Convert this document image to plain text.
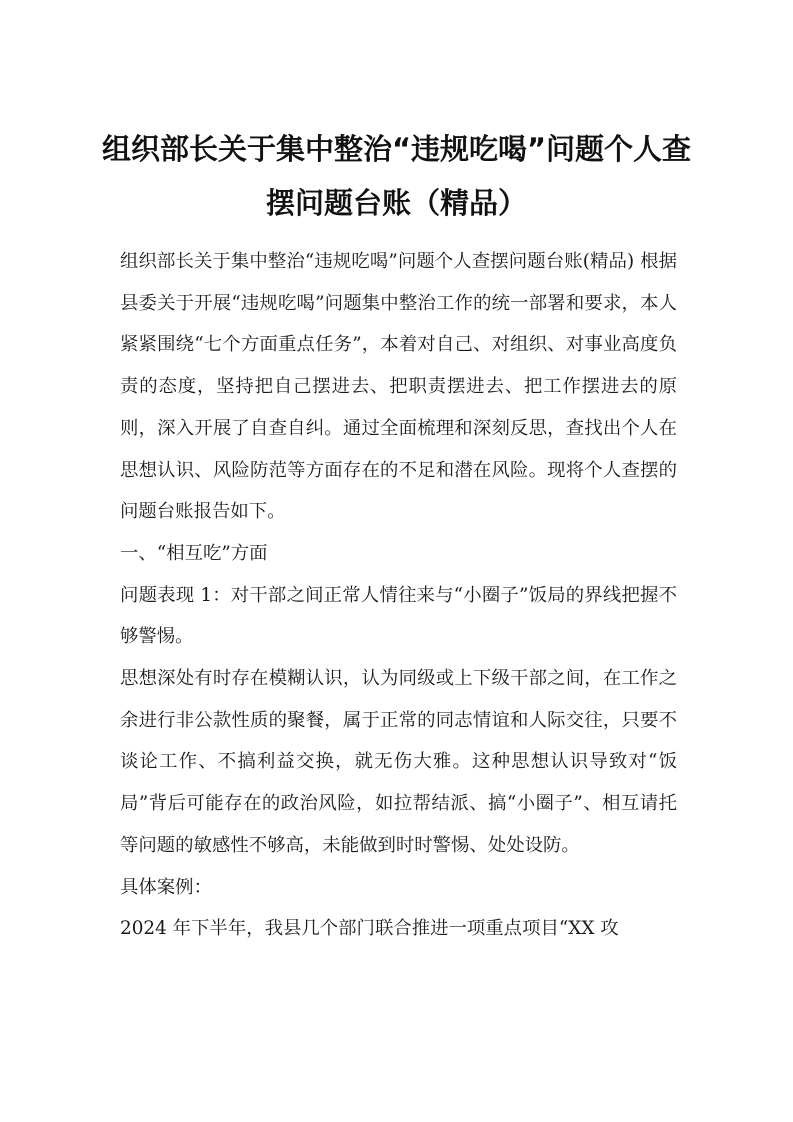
组织部长关于集中整治“违规吃喝”问题个人查摆问题台账（精品）

组织部长关于集中整治“违规吃喝”问题个人查摆问题台账(精品) 根据县委关于开展“违规吃喝”问题集中整治工作的统一部署和要求，本人紧紧围绕“七个方面重点任务”，本着对自己、对组织、对事业高度负责的态度，坚持把自己摆进去、把职责摆进去、把工作摆进去的原则，深入开展了自查自纠。通过全面梳理和深刻反思，查找出个人在思想认识、风险防范等方面存在的不足和潜在风险。现将个人查摆的问题台账报告如下。

一、“相互吃”方面

问题表现 1：对干部之间正常人情往来与“小圈子”饭局的界线把握不够警惕。

思想深处有时存在模糊认识，认为同级或上下级干部之间，在工作之余进行非公款性质的聚餐，属于正常的同志情谊和人际交往，只要不谈论工作、不搞利益交换，就无伤大雅。这种思想认识导致对“饭局”背后可能存在的政治风险，如拉帮结派、搞“小圈子”、相互请托等问题的敏感性不够高，未能做到时时警惕、处处设防。

具体案例：

2024 年下半年，我县几个部门联合推进一项重点项目“XX 攻
